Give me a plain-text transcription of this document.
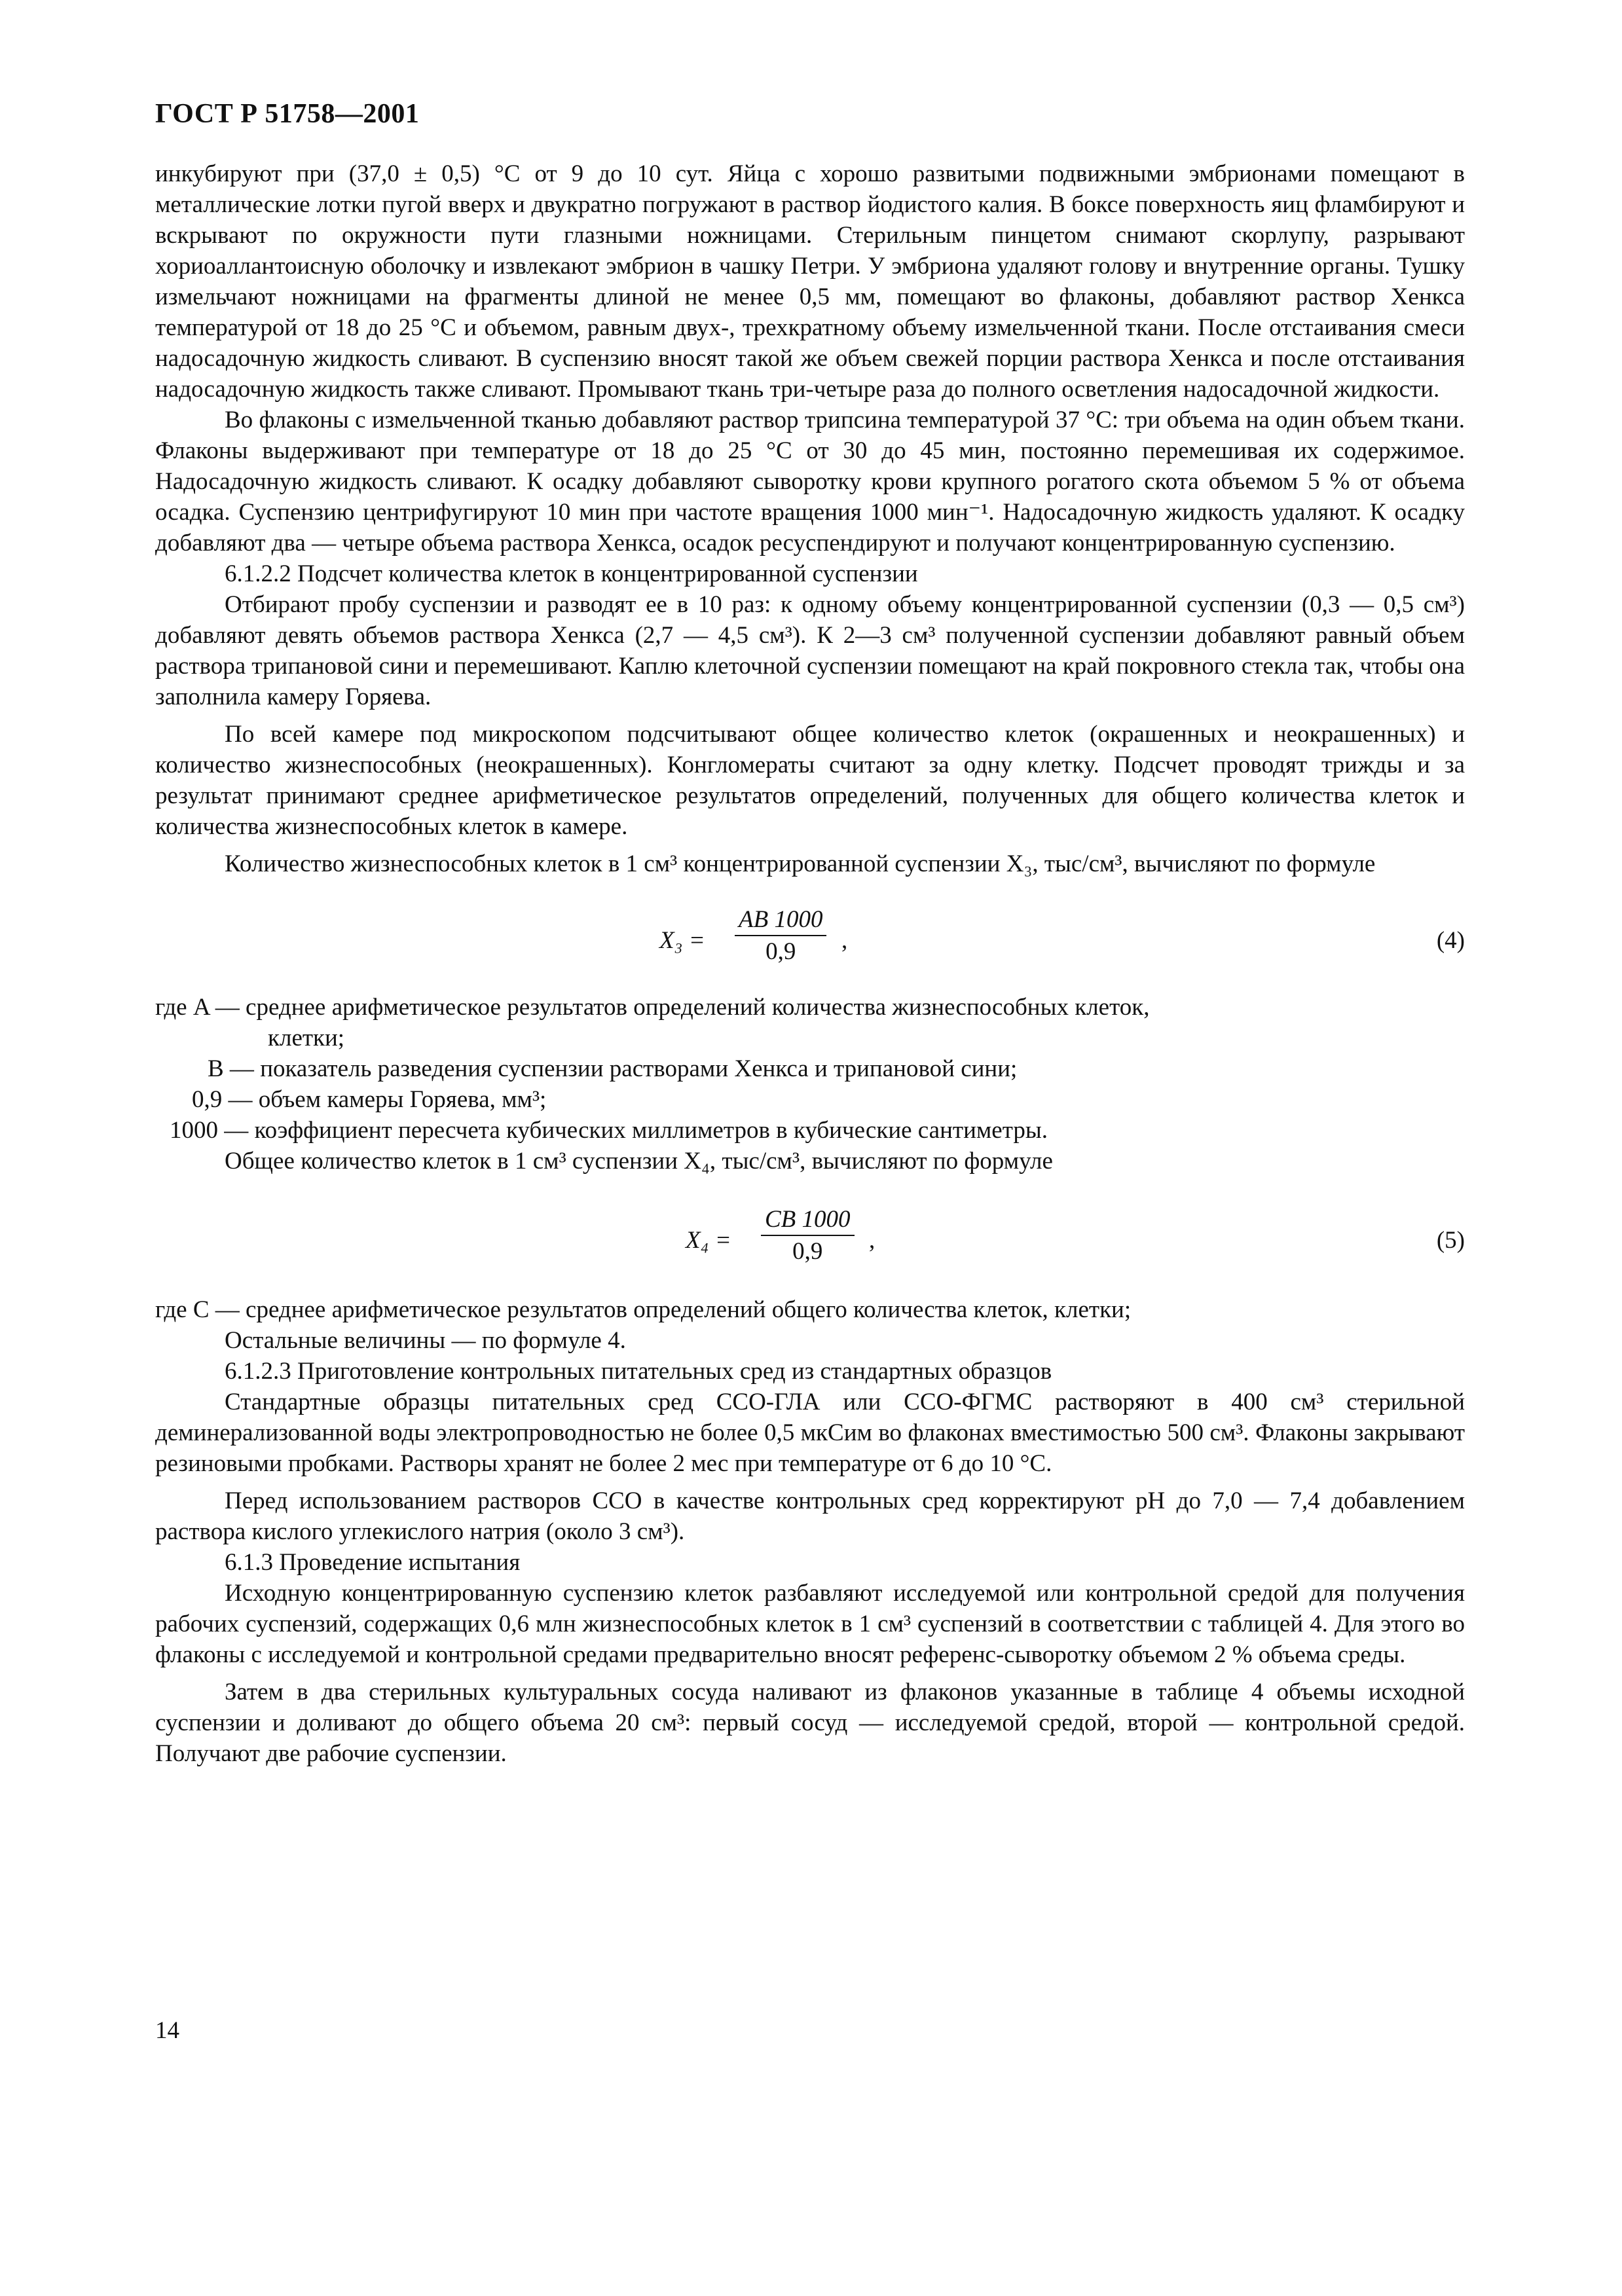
ГОСТ Р 51758—2001

инкубируют при (37,0 ± 0,5) °С от 9 до 10 сут. Яйца с хорошо развитыми подвижными эмбрионами помещают в металлические лотки пугой вверх и двукратно погружают в раствор йодистого калия. В боксе поверхность яиц фламбируют и вскрывают по окружности пути глазными ножницами. Стерильным пинцетом снимают скорлупу, разрывают хориоаллантоисную оболочку и извлекают эмбрион в чашку Петри. У эмбриона удаляют голову и внутренние органы. Тушку измельчают ножницами на фрагменты длиной не менее 0,5 мм, помещают во флаконы, добавляют раствор Хенкса температурой от 18 до 25 °С и объемом, равным двух-, трехкратному объему измельченной ткани. После отстаивания смеси надосадочную жидкость сливают. В суспензию вносят такой же объем свежей порции раствора Хенкса и после отстаивания надосадочную жидкость также сливают. Промывают ткань три-четыре раза до полного осветления надосадочной жидкости.

Во флаконы с измельченной тканью добавляют раствор трипсина температурой 37 °С: три объема на один объем ткани. Флаконы выдерживают при температуре от 18 до 25 °С от 30 до 45 мин, постоянно перемешивая их содержимое. Надосадочную жидкость сливают. К осадку добавляют сыворотку крови крупного рогатого скота объемом 5 % от объема осадка. Суспензию центрифугируют 10 мин при частоте вращения 1000 мин⁻¹. Надосадочную жидкость удаляют. К осадку добавляют два — четыре объема раствора Хенкса, осадок ресуспендируют и получают концентрированную суспензию.

6.1.2.2 Подсчет количества клеток в концентрированной суспензии

Отбирают пробу суспензии и разводят ее в 10 раз: к одному объему концентрированной суспензии (0,3 — 0,5 см³) добавляют девять объемов раствора Хенкса (2,7 — 4,5 см³). К 2—3 см³ полученной суспензии добавляют равный объем раствора трипановой сини и перемешивают. Каплю клеточной суспензии помещают на край покровного стекла так, чтобы она заполнила камеру Горяева.

По всей камере под микроскопом подсчитывают общее количество клеток (окрашенных и неокрашенных) и количество жизнеспособных (неокрашенных). Конгломераты считают за одну клетку. Подсчет проводят трижды и за результат принимают среднее арифметическое результатов определений, полученных для общего количества клеток и количества жизнеспособных клеток в камере.

Количество жизнеспособных клеток в 1 см³ концентрированной суспензии X₃, тыс/см³, вычисляют по формуле

$X_3 = \frac{AB 1000}{0,9}$ ,	(4)
где A — среднее арифметическое результатов определений количества жизнеспособных клеток,
клетки;
B — показатель разведения суспензии растворами Хенкса и трипановой сини;
0,9 — объем камеры Горяева, мм³;
1000 — коэффициент пересчета кубических миллиметров в кубические сантиметры.

Общее количество клеток в 1 см³ суспензии X₄, тыс/см³, вычисляют по формуле

$X_4 = \frac{CB 1000}{0,9}$ ,	(5)
где C — среднее арифметическое результатов определений общего количества клеток, клетки;

Остальные величины — по формуле 4.

6.1.2.3 Приготовление контрольных питательных сред из стандартных образцов

Стандартные образцы питательных сред ССО-ГЛА или ССО-ФГМС растворяют в 400 см³ стерильной деминерализованной воды электропроводностью не более 0,5 мкСим во флаконах вместимостью 500 см³. Флаконы закрывают резиновыми пробками. Растворы хранят не более 2 мес при температуре от 6 до 10 °С.

Перед использованием растворов ССО в качестве контрольных сред корректируют pH до 7,0 — 7,4 добавлением раствора кислого углекислого натрия (около 3 см³).

6.1.3 Проведение испытания

Исходную концентрированную суспензию клеток разбавляют исследуемой или контрольной средой для получения рабочих суспензий, содержащих 0,6 млн жизнеспособных клеток в 1 см³ суспензий в соответствии с таблицей 4. Для этого во флаконы с исследуемой и контрольной средами предварительно вносят референс-сыворотку объемом 2 % объема среды.

Затем в два стерильных культуральных сосуда наливают из флаконов указанные в таблице 4 объемы исходной суспензии и доливают до общего объема 20 см³: первый сосуд — исследуемой средой, второй — контрольной средой. Получают две рабочие суспензии.

14
